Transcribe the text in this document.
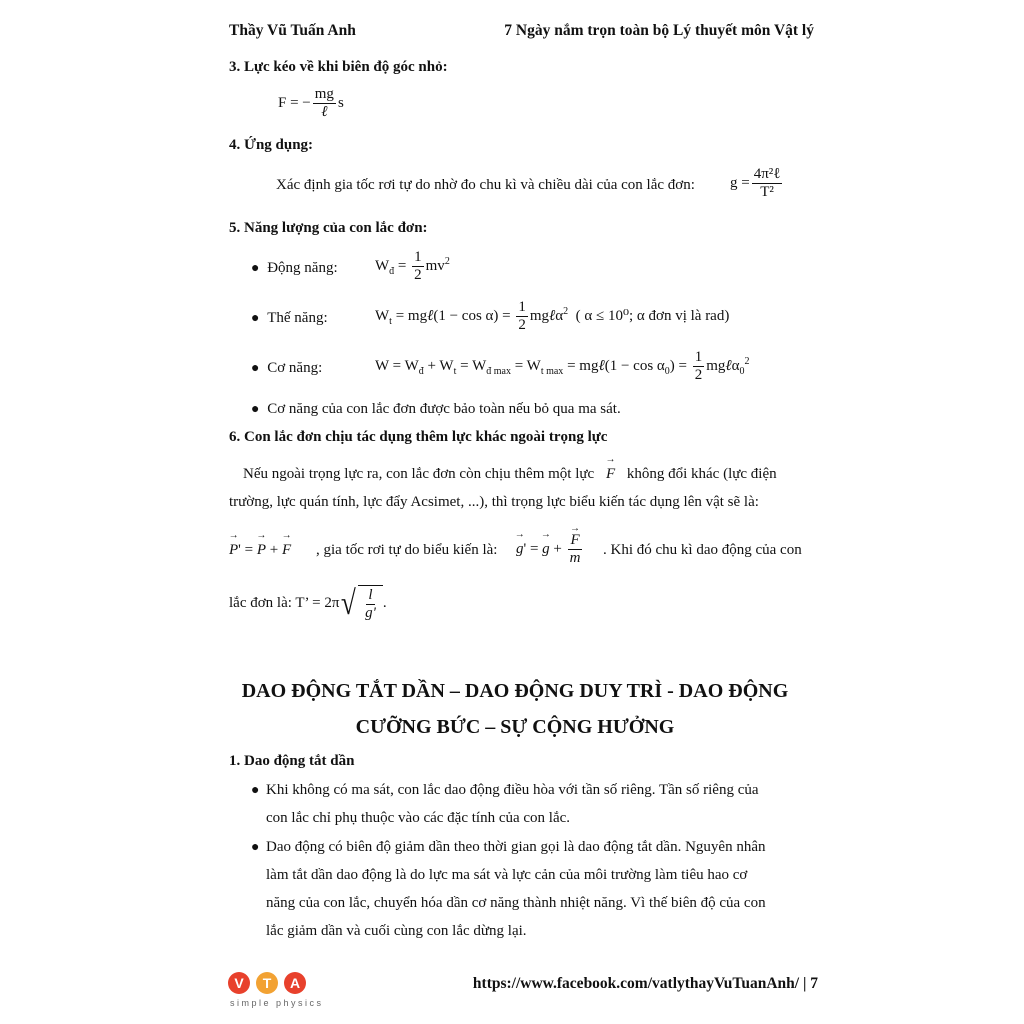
Thầy Vũ Tuấn Anh	7 Ngày nắm trọn toàn bộ Lý thuyết môn Vật lý
3. Lực kéo về khi biên độ góc nhỏ:
F = − $\frac{mg}{\text{ℓ}}$ s
4. Ứng dụng:
Xác định gia tốc rơi tự do nhờ đo chu kì và chiều dài của con lắc đơn: $g = \frac{\text{4π²ℓ}}{\text{T²}}$
5. Năng lượng của con lắc đơn:
● Động năng: $W_đ = \frac{1}{2} mv^2$
● Thế năng:	$W_t$ = mgℓ(1 − $\cos \alpha) = \frac{1}{2}$ mgℓα$^2$ ( α ≤ 10⁰; α đơn vị là rad)
● Cơ năng:	$W = W_đ + W_t = W_{đ max} = W_{t max}$ = mgℓ(1 − $\cos \alpha_0) = \frac{1}{2}$ mgℓα$_0^2$
● Cơ năng của con lắc đơn được bảo toàn nếu bỏ qua ma sát.
6. Con lắc đơn chịu tác dụng thêm lực khác ngoài trọng lực
Nếu ngoài trọng lực ra, con lắc đơn còn chịu thêm một lực → F không đổi khác (lực điện
trường, lực quán tính, lực đẩy Acsimet, ...), thì trọng lực biểu kiến tác dụng lên vật sẽ là:
→ P' = → P + → F , gia tốc rơi tự do biểu kiến là: → g' = → g + → $\frac{F}{m}$ . Khi đó chu kì dao động của con
lắc đơn là: T’ = 2π √ $\frac{l}{g'}$ .
DAO ĐỘNG TẮT DẦN – DAO ĐỘNG DUY TRÌ - DAO ĐỘNG
CƯỠNG BỨC – SỰ CỘNG HƯỞNG
1. Dao động tắt dần
● Khi không có ma sát, con lắc dao động điều hòa với tần số riêng. Tần số riêng của
con lắc chỉ phụ thuộc vào các đặc tính của con lắc.
● Dao động có biên độ giảm dần theo thời gian gọi là dao động tắt dần. Nguyên nhân
làm tắt dần dao động là do lực ma sát và lực cản của môi trường làm tiêu hao cơ
năng của con lắc, chuyển hóa dần cơ năng thành nhiệt năng. Vì thế biên độ của con
lắc giảm dần và cuối cùng con lắc dừng lại.
V	T	A
simple physics
https://www.facebook.com/vatlythayVuTuanAnh/ | 7
